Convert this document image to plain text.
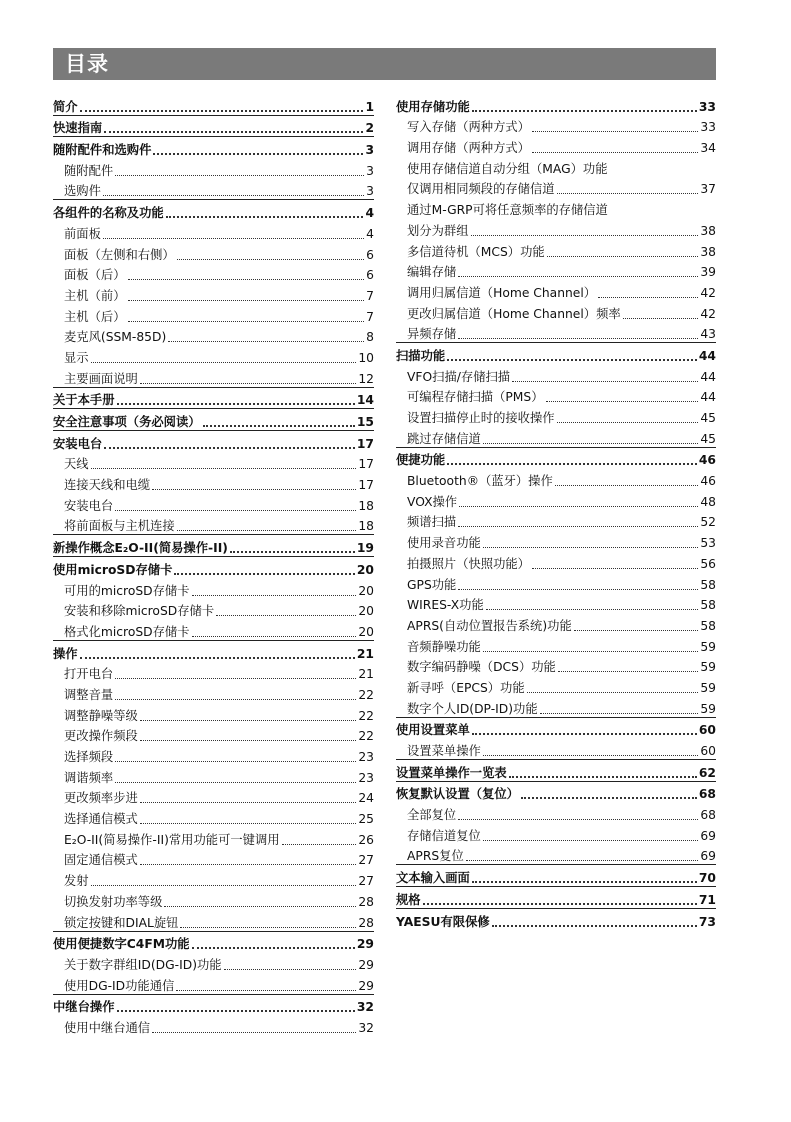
目录
简介	1
快速指南	2
随附配件和选购件	3
随附配件	3
选购件	3
各组件的名称及功能	4
前面板	4
面板（左侧和右侧）	6
面板（后）	6
主机（前）	7
主机（后）	7
麦克风(SSM-85D)	8
显示	10
主要画面说明	12
关于本手册	14
安全注意事项（务必阅读）	15
安装电台	17
天线	17
连接天线和电缆	17
安装电台	18
将前面板与主机连接	18
新操作概念E₂O-II(简易操作-II)	19
使用microSD存储卡	20
可用的microSD存储卡	20
安装和移除microSD存储卡	20
格式化microSD存储卡	20
操作	21
打开电台	21
调整音量	22
调整静噪等级	22
更改操作频段	22
选择频段	23
调谐频率	23
更改频率步进	24
选择通信模式	25
E₂O-II(简易操作-II)常用功能可一键调用	26
固定通信模式	27
发射	27
切换发射功率等级	28
锁定按键和DIAL旋钮	28
使用便捷数字C4FM功能	29
关于数字群组ID(DG-ID)功能	29
使用DG-ID功能通信	29
中继台操作	32
使用中继台通信	32
使用存储功能	33
写入存储（两种方式）	33
调用存储（两种方式）	34
使用存储信道自动分组（MAG）功能
仅调用相同频段的存储信道	37
通过M-GRP可将任意频率的存储信道
划分为群组	38
多信道待机（MCS）功能	38
编辑存储	39
调用归属信道（Home Channel）	42
更改归属信道（Home Channel）频率	42
异频存储	43
扫描功能	44
VFO扫描/存储扫描	44
可编程存储扫描（PMS）	44
设置扫描停止时的接收操作	45
跳过存储信道	45
便捷功能	46
Bluetooth®（蓝牙）操作	46
VOX操作	48
频谱扫描	52
使用录音功能	53
拍摄照片（快照功能）	56
GPS功能	58
WIRES-X功能	58
APRS(自动位置报告系统)功能	58
音频静噪功能	59
数字编码静噪（DCS）功能	59
新寻呼（EPCS）功能	59
数字个人ID(DP-ID)功能	59
使用设置菜单	60
设置菜单操作	60
设置菜单操作一览表	62
恢复默认设置（复位）	68
全部复位	68
存储信道复位	69
APRS复位	69
文本输入画面	70
规格	71
YAESU有限保修	73
